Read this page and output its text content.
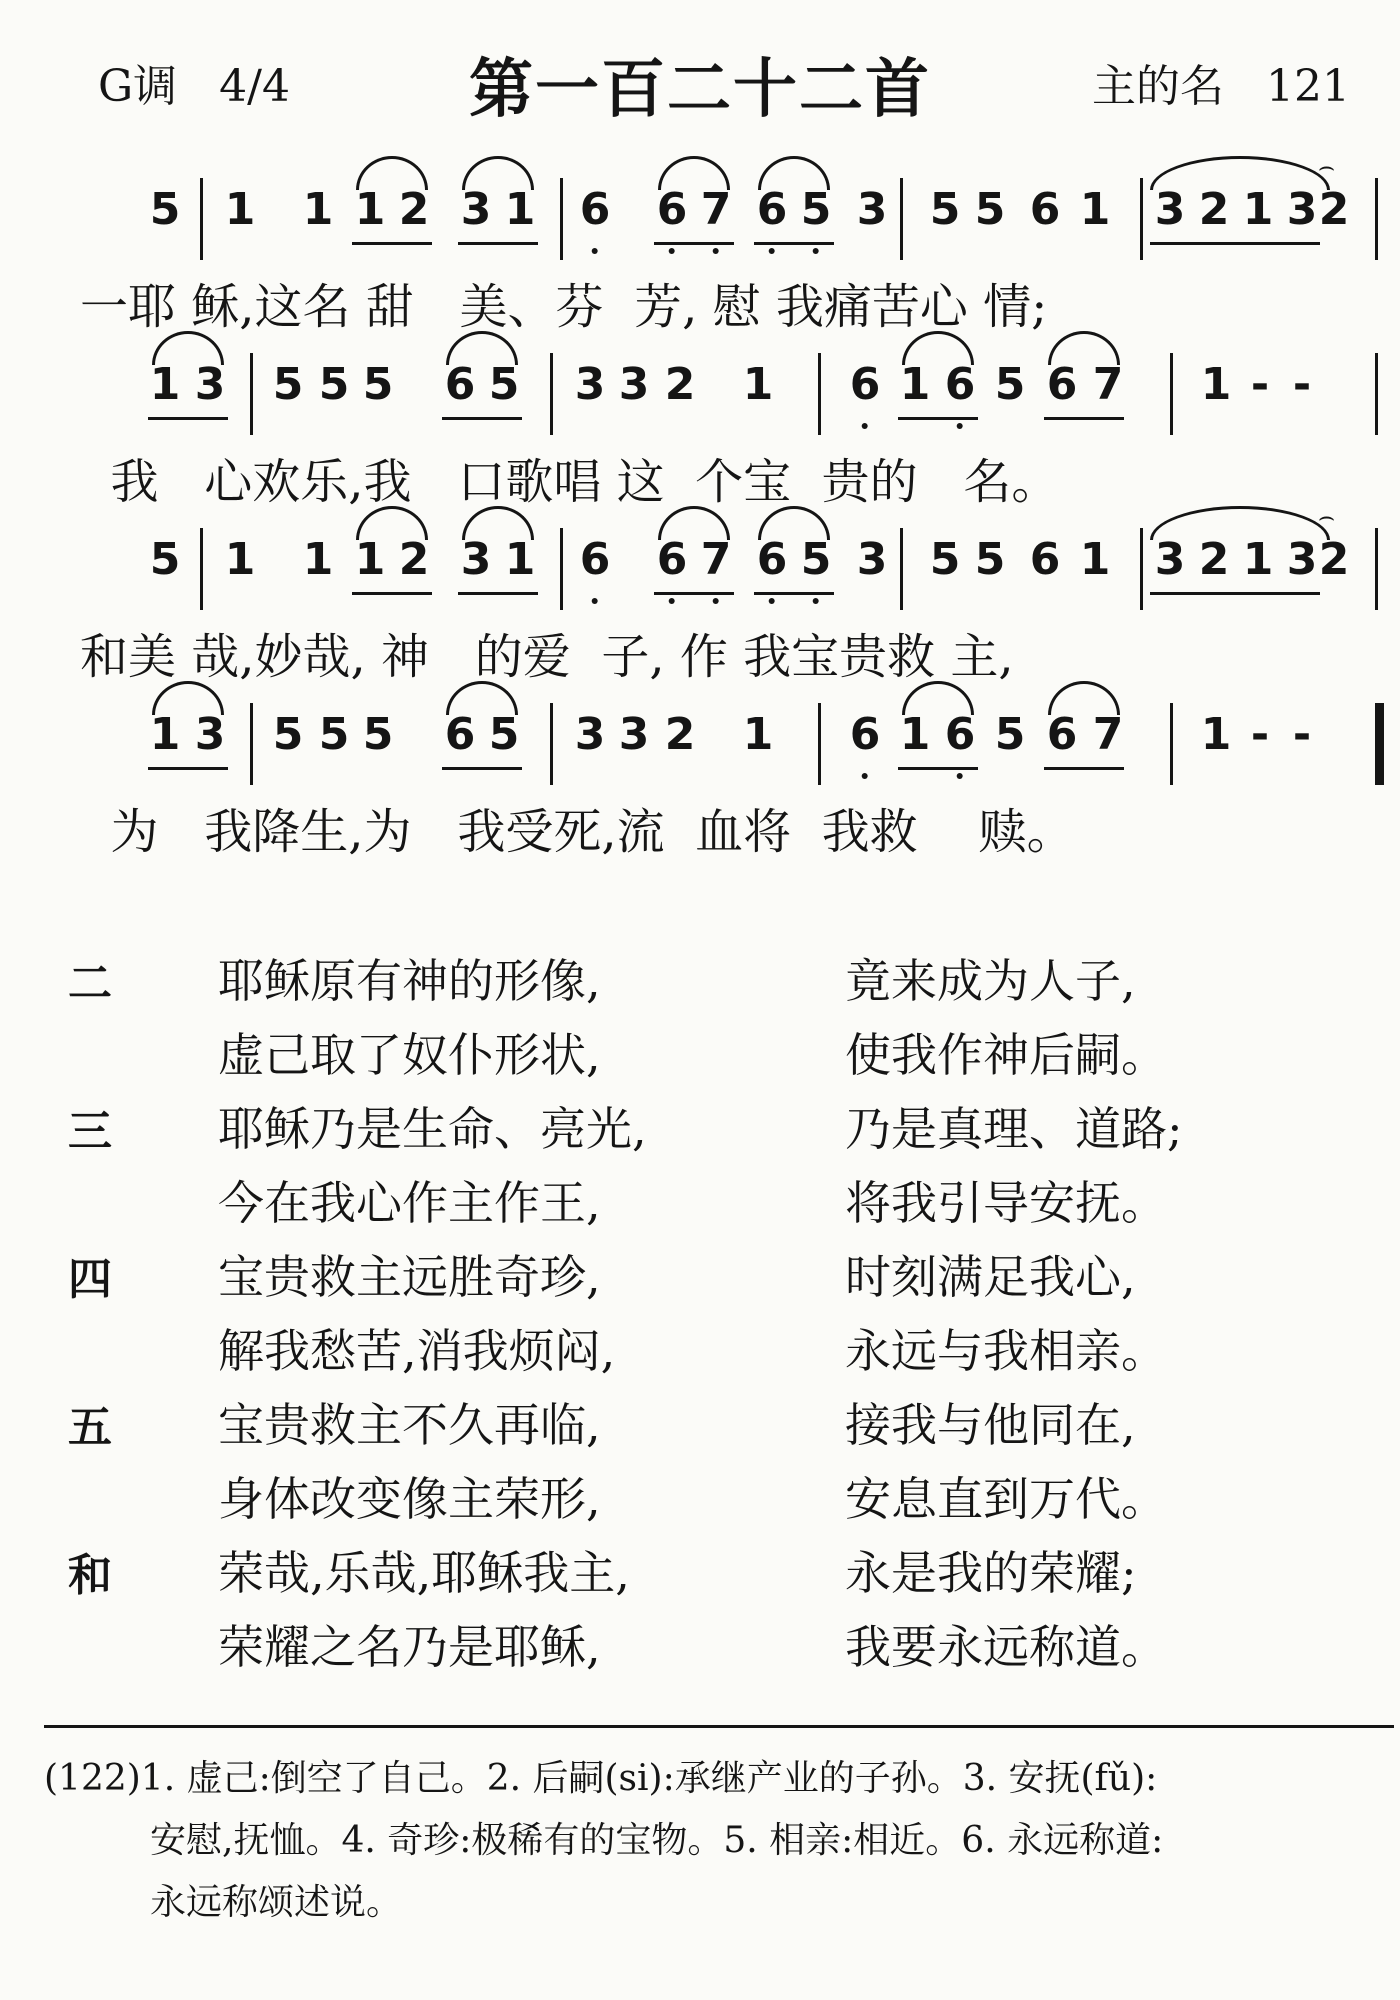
G调 4/4	第一百二十二首	主的名 121
5 1 1 1 2 3 1 6 6 7 6 5 3 5 5 6 1 3 2 1 3 2
⌢
一耶 稣,这名 甜   美、芬  芳, 慰 我痛苦心 情;
1 3 5 5 5 6 5 3 3 2 1 6 1 6 5 6 7 1 - -
我   心欢乐,我   口歌唱 这  个宝  贵的   名。
5 1 1 1 2 3 1 6 6 7 6 5 3 5 5 6 1 3 2 1 3 2
⌢
和美 哉,妙哉, 神   的爱  子, 作 我宝贵救 主,
1 3 5 5 5 6 5 3 3 2 1 6 1 6 5 6 7 1 - -
为   我降生,为   我受死,流  血将  我救    赎。
二 耶稣原有神的形像,	竟来成为人子,
虚己取了奴仆形状,	使我作神后嗣。
三 耶稣乃是生命、亮光,	乃是真理、道路;
今在我心作主作王,	将我引导安抚。
四 宝贵救主远胜奇珍,	时刻满足我心,
解我愁苦,消我烦闷,	永远与我相亲。
五 宝贵救主不久再临,	接我与他同在,
身体改变像主荣形,	安息直到万代。
和 荣哉,乐哉,耶稣我主,	永是我的荣耀;
荣耀之名乃是耶稣,	我要永远称道。
(122)1. 虚己:倒空了自己。2. 后嗣(si):承继产业的子孙。3. 安抚(fǔ):
安慰,抚恤。4. 奇珍:极稀有的宝物。5. 相亲:相近。6. 永远称道:
永远称颂述说。
